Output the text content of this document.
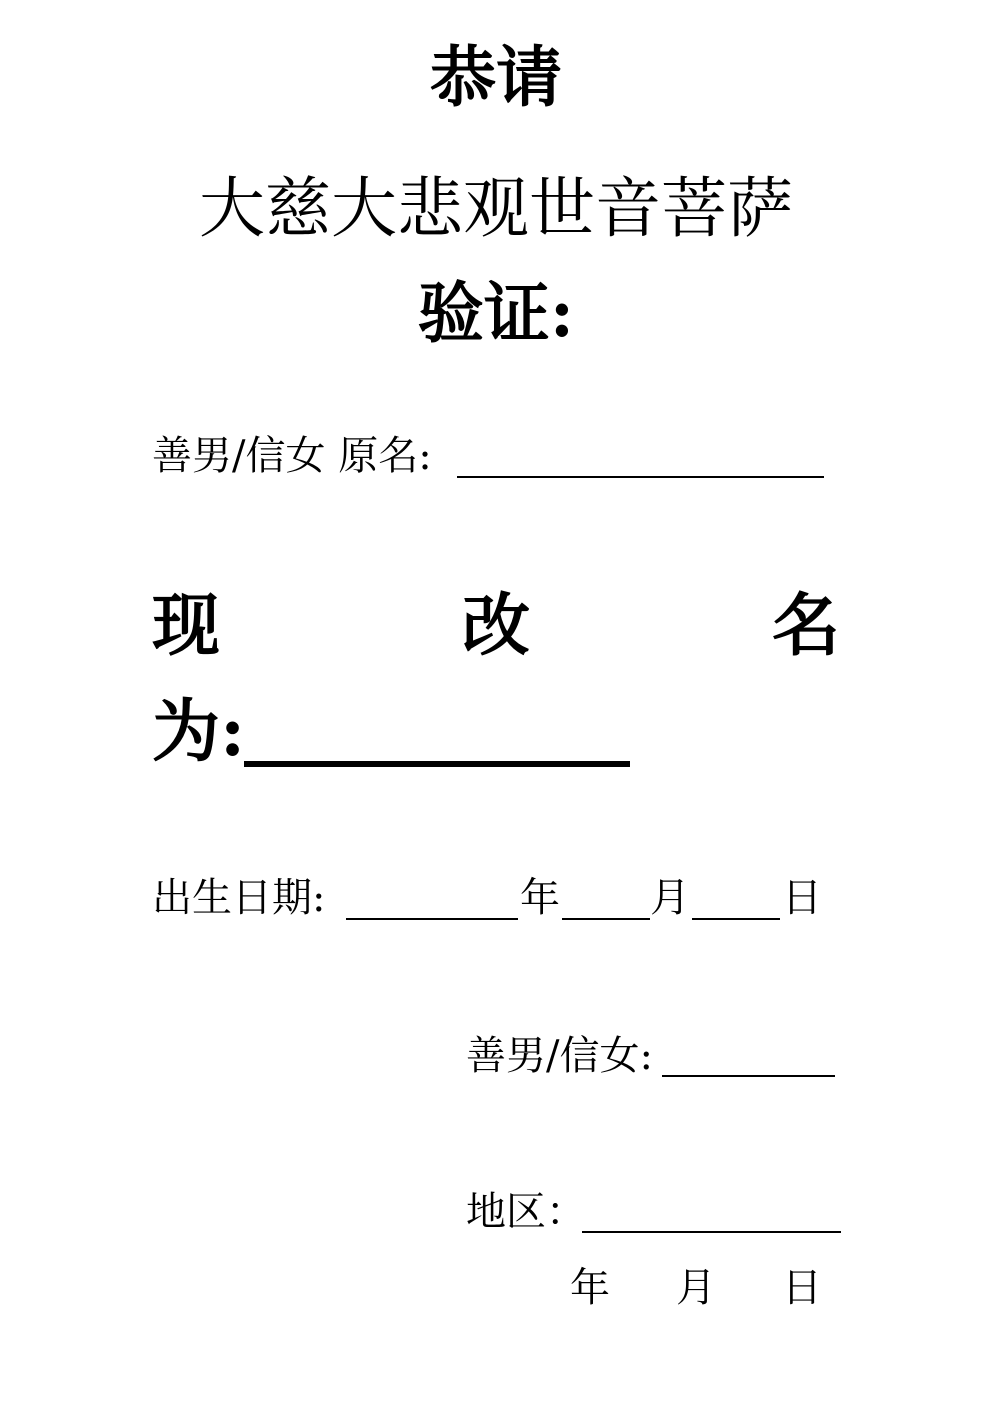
恭请
大慈大悲观世音菩萨
验证:
善男/信女 原名:
现	改	名
为:
出生日期:	年 月 日
善男/信女:
地区：
年 月 日
